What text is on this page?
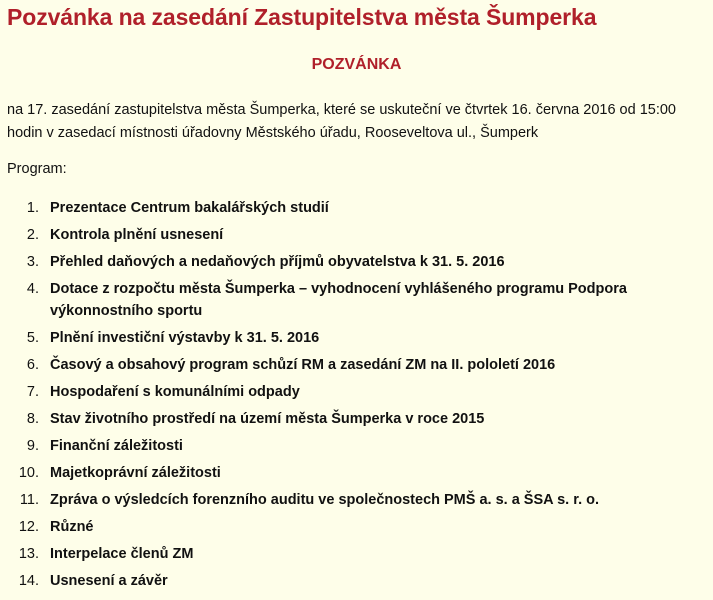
Pozvánka na zasedání Zastupitelstva města Šumperka
POZVÁNKA

na 17. zasedání zastupitelstva města Šumperka, které se uskuteční ve čtvrtek 16. června 2016 od 15:00 hodin v zasedací místnosti úřadovny Městského úřadu, Rooseveltova ul., Šumperk

Program:

1. Prezentace Centrum bakalářských studií
2. Kontrola plnění usnesení
3. Přehled daňových a nedaňových příjmů obyvatelstva k 31. 5. 2016
4. Dotace z rozpočtu města Šumperka – vyhodnocení vyhlášeného programu Podpora výkonnostního sportu
5. Plnění investiční výstavby k 31. 5. 2016
6. Časový a obsahový program schůzí RM a zasedání ZM na II. pololetí 2016
7. Hospodaření s komunálními odpady
8. Stav životního prostředí na území města Šumperka v roce 2015
9. Finanční záležitosti
10. Majetkoprávní záležitosti
11. Zpráva o výsledcích forenzního auditu ve společnostech PMŠ a. s. a ŠSA s. r. o.
12. Různé
13. Interpelace členů ZM
14. Usnesení a závěr
